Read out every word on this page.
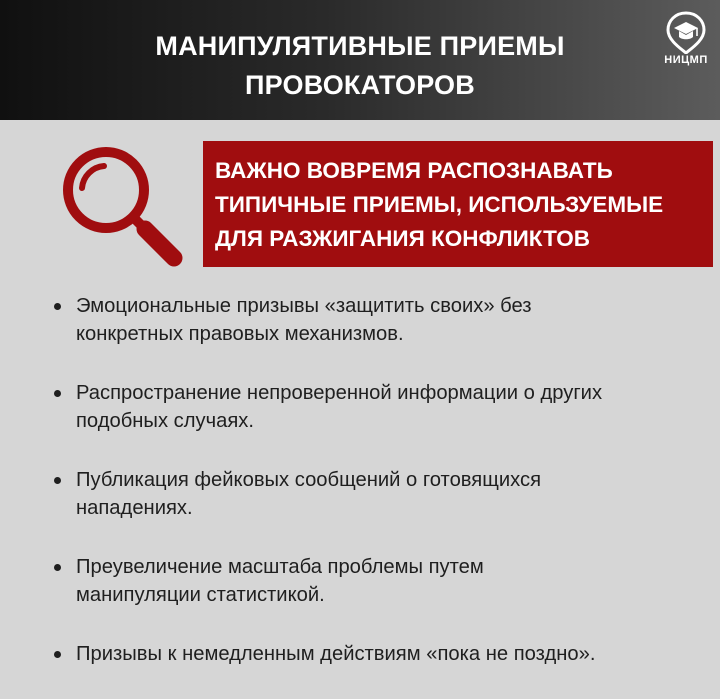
МАНИПУЛЯТИВНЫЕ ПРИЕМЫ
ПРОВОКАТОРОВ
НИЦМП
ВАЖНО ВОВРЕМЯ РАСПОЗНАВАТЬ
ТИПИЧНЫЕ ПРИЕМЫ, ИСПОЛЬЗУЕМЫЕ
ДЛЯ РАЗЖИГАНИЯ КОНФЛИКТОВ
Эмоциональные призывы «защитить своих» без
конкретных правовых механизмов.
Распространение непроверенной информации о других
подобных случаях.
Публикация фейковых сообщений о готовящихся
нападениях.
Преувеличение масштаба проблемы путем
манипуляции статистикой.
Призывы к немедленным действиям «пока не поздно».
